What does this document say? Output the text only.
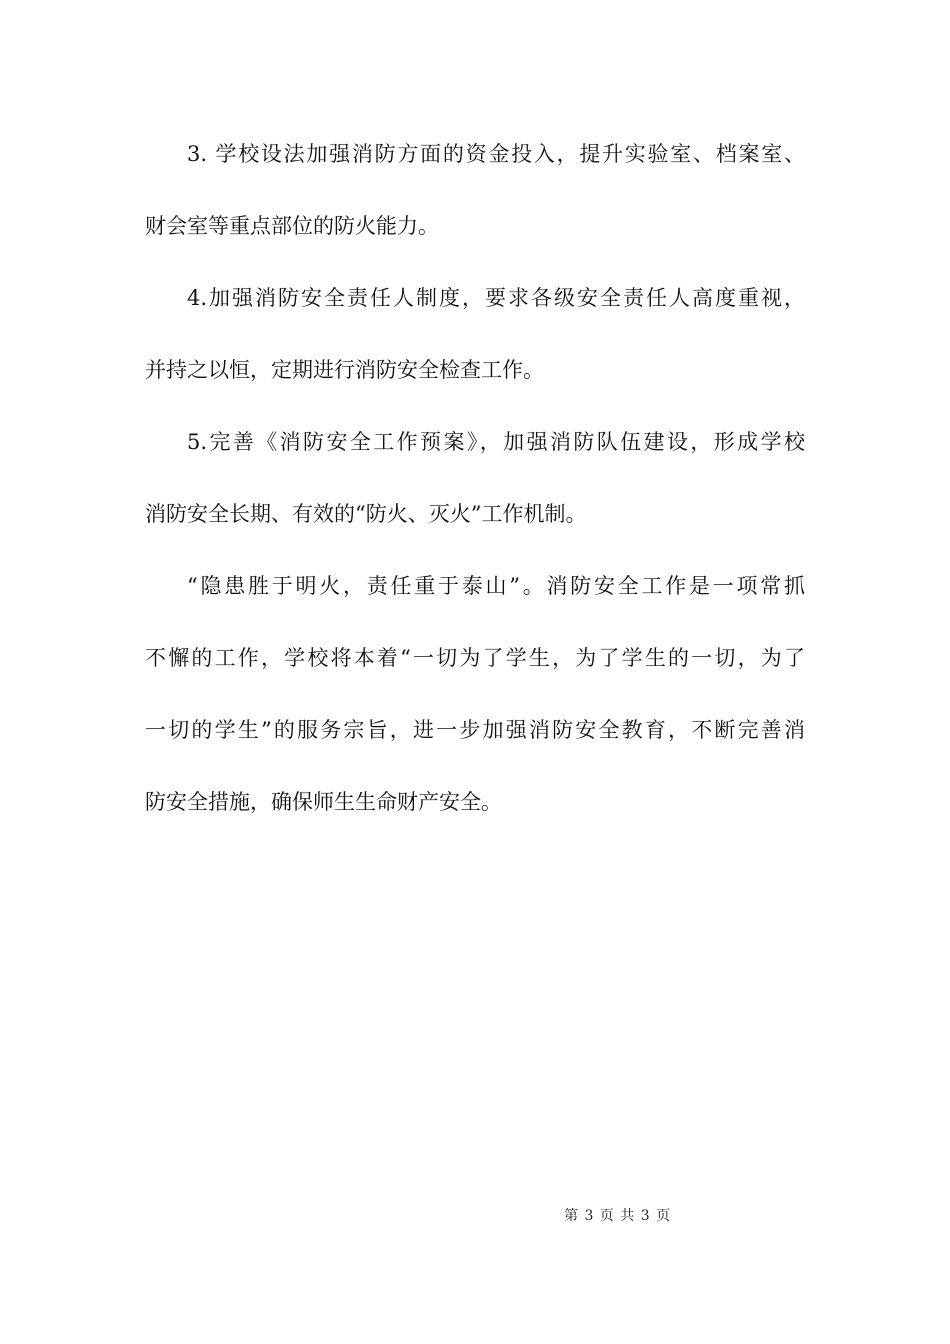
3. 学校设法加强消防方面的资金投入，提升实验室、档案室、
财会室等重点部位的防火能力。
4.加强消防安全责任人制度，要求各级安全责任人高度重视，
并持之以恒，定期进行消防安全检查工作。
5.完善《消防安全工作预案》，加强消防队伍建设，形成学校
消防安全长期、有效的“防火、灭火”工作机制。
“隐患胜于明火，责任重于泰山”。消防安全工作是一项常抓
不懈的工作，学校将本着“一切为了学生，为了学生的一切，为了
一切的学生”的服务宗旨，进一步加强消防安全教育，不断完善消
防安全措施，确保师生生命财产安全。
第 3 页 共 3 页
